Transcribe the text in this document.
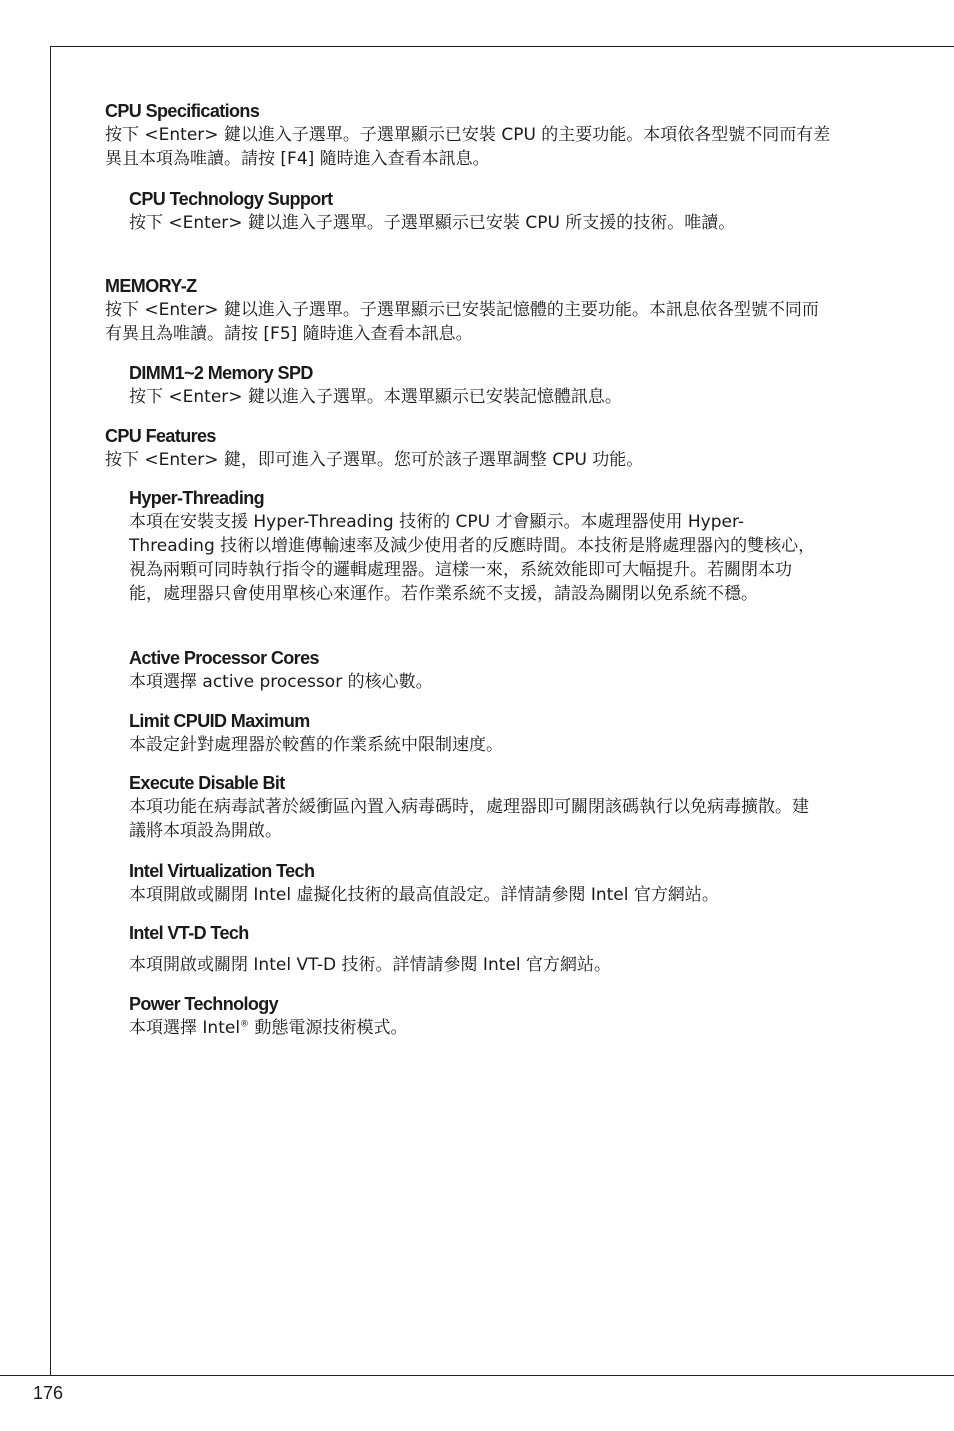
CPU Specifications
按下 <Enter> 鍵以進入子選單。子選單顯示已安裝 CPU 的主要功能。本項依各型號不同而有差異且本項為唯讀。請按 [F4] 隨時進入查看本訊息。
CPU Technology Support
按下 <Enter> 鍵以進入子選單。子選單顯示已安裝 CPU 所支援的技術。唯讀。
MEMORY-Z
按下 <Enter> 鍵以進入子選單。子選單顯示已安裝記憶體的主要功能。本訊息依各型號不同而有異且為唯讀。請按 [F5] 隨時進入查看本訊息。
DIMM1~2 Memory SPD
按下 <Enter> 鍵以進入子選單。本選單顯示已安裝記憶體訊息。
CPU Features
按下 <Enter> 鍵，即可進入子選單。您可於該子選單調整 CPU 功能。
Hyper-Threading
本項在安裝支援 Hyper-Threading 技術的 CPU 才會顯示。本處理器使用 Hyper-Threading 技術以增進傳輸速率及減少使用者的反應時間。本技術是將處理器內的雙核心，視為兩顆可同時執行指令的邏輯處理器。這樣一來，系統效能即可大幅提升。若關閉本功能，處理器只會使用單核心來運作。若作業系統不支援，請設為關閉以免系統不穩。
Active Processor Cores
本項選擇 active processor 的核心數。
Limit CPUID Maximum
本設定針對處理器於較舊的作業系統中限制速度。
Execute Disable Bit
本項功能在病毒試著於緩衝區內置入病毒碼時，處理器即可關閉該碼執行以免病毒擴散。建議將本項設為開啟。
Intel Virtualization Tech
本項開啟或關閉 Intel 虛擬化技術的最高值設定。詳情請參閱 Intel 官方網站。
Intel VT-D Tech
本項開啟或關閉 Intel VT-D 技術。詳情請參閱 Intel 官方網站。
Power Technology
本項選擇 Intel® 動態電源技術模式。
176
